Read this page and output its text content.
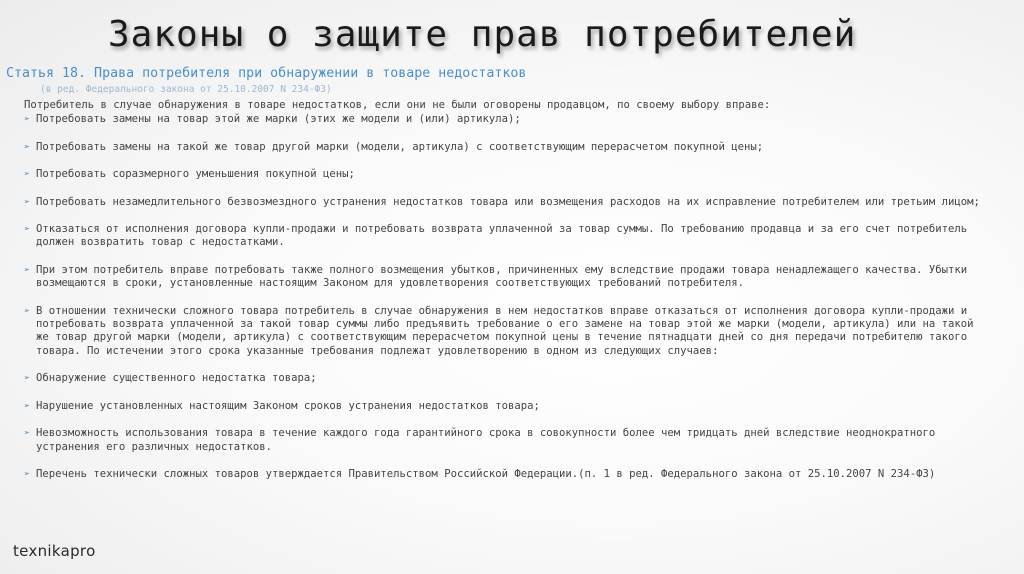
Законы о защите прав потребителей
Статья 18. Права потребителя при обнаружении в товаре недостатков
(в ред. Федерального закона от 25.10.2007 N 234-ФЗ)

Потребитель в случае обнаружения в товаре недостатков, если они не были оговорены продавцом, по своему выбору вправе:

➢ Потребовать замены на товар этой же марки (этих же модели и (или) артикула);
➢ Потребовать замены на такой же товар другой марки (модели, артикула) с соответствующим перерасчетом покупной цены;
➢ Потребовать соразмерного уменьшения покупной цены;
➢ Потребовать незамедлительного безвозмездного устранения недостатков товара или возмещения расходов на их исправление потребителем или третьим лицом;
➢ Отказаться от исполнения договора купли-продажи и потребовать возврата уплаченной за товар суммы. По требованию продавца и за его счет потребитель должен возвратить товар с недостатками.
➢ При этом потребитель вправе потребовать также полного возмещения убытков, причиненных ему вследствие продажи товара ненадлежащего качества. Убытки возмещаются в сроки, установленные настоящим Законом для удовлетворения соответствующих требований потребителя.
➢ В отношении технически сложного товара потребитель в случае обнаружения в нем недостатков вправе отказаться от исполнения договора купли-продажи и потребовать возврата уплаченной за такой товар суммы либо предъявить требование о его замене на товар этой же марки (модели, артикула) или на такой же товар другой марки (модели, артикула) с соответствующим перерасчетом покупной цены в течение пятнадцати дней со дня передачи потребителю такого товара. По истечении этого срока указанные требования подлежат удовлетворению в одном из следующих случаев:
➢ Обнаружение существенного недостатка товара;
➢ Нарушение установленных настоящим Законом сроков устранения недостатков товара;
➢ Невозможность использования товара в течение каждого года гарантийного срока в совокупности более чем тридцать дней вследствие неоднократного устранения его различных недостатков.
➢ Перечень технически сложных товаров утверждается Правительством Российской Федерации.(п. 1 в ред. Федерального закона от 25.10.2007 N 234-ФЗ)
texnikapro
